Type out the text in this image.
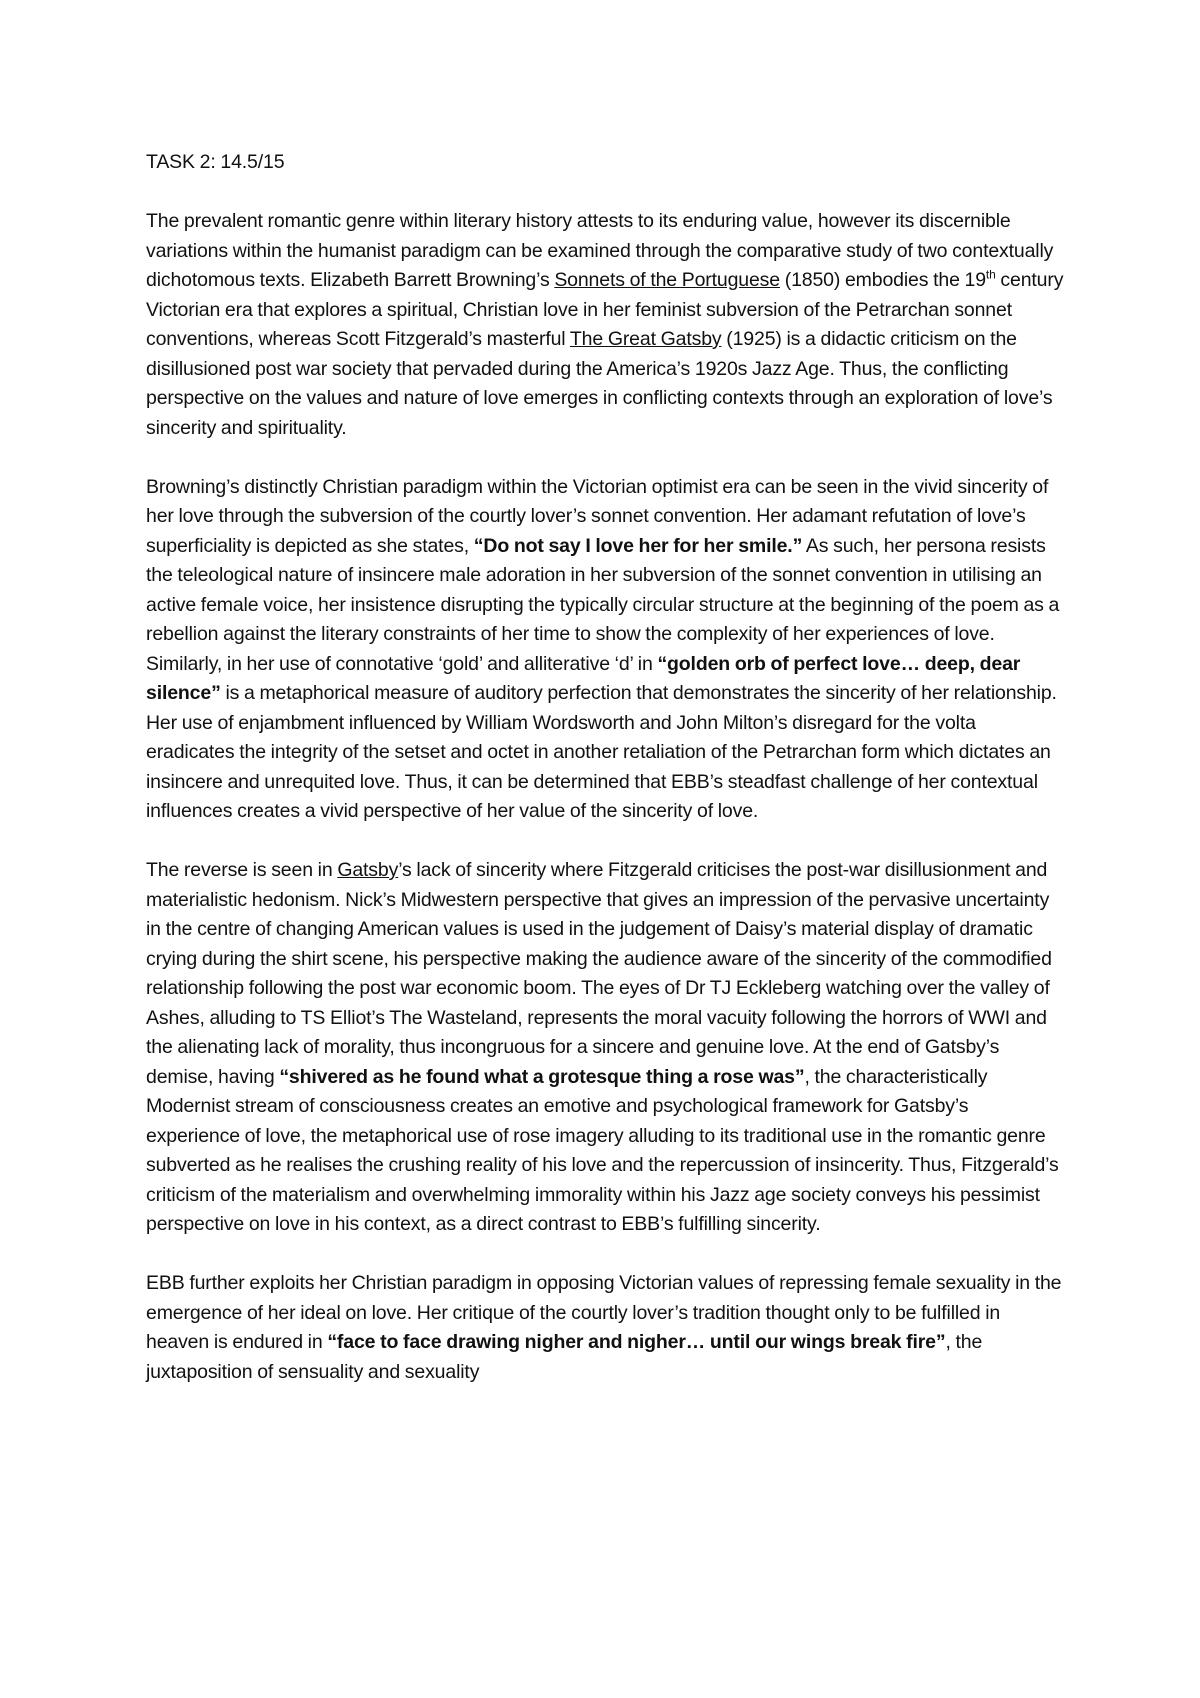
TASK 2: 14.5/15

The prevalent romantic genre within literary history attests to its enduring value, however its discernible variations within the humanist paradigm can be examined through the comparative study of two contextually dichotomous texts. Elizabeth Barrett Browning’s Sonnets of the Portuguese (1850) embodies the 19th century Victorian era that explores a spiritual, Christian love in her feminist subversion of the Petrarchan sonnet conventions, whereas Scott Fitzgerald’s masterful The Great Gatsby (1925) is a didactic criticism on the disillusioned post war society that pervaded during the America’s 1920s Jazz Age. Thus, the conflicting perspective on the values and nature of love emerges in conflicting contexts through an exploration of love’s sincerity and spirituality.

Browning’s distinctly Christian paradigm within the Victorian optimist era can be seen in the vivid sincerity of her love through the subversion of the courtly lover’s sonnet convention. Her adamant refutation of love’s superficiality is depicted as she states, “Do not say I love her for her smile.” As such, her persona resists the teleological nature of insincere male adoration in her subversion of the sonnet convention in utilising an active female voice, her insistence disrupting the typically circular structure at the beginning of the poem as a rebellion against the literary constraints of her time to show the complexity of her experiences of love. Similarly, in her use of connotative ‘gold’ and alliterative ‘d’ in “golden orb of perfect love… deep, dear silence” is a metaphorical measure of auditory perfection that demonstrates the sincerity of her relationship. Her use of enjambment influenced by William Wordsworth and John Milton’s disregard for the volta eradicates the integrity of the setset and octet in another retaliation of the Petrarchan form which dictates an insincere and unrequited love. Thus, it can be determined that EBB’s steadfast challenge of her contextual influences creates a vivid perspective of her value of the sincerity of love.

The reverse is seen in Gatsby’s lack of sincerity where Fitzgerald criticises the post-war disillusionment and materialistic hedonism. Nick’s Midwestern perspective that gives an impression of the pervasive uncertainty in the centre of changing American values is used in the judgement of Daisy’s material display of dramatic crying during the shirt scene, his perspective making the audience aware of the sincerity of the commodified relationship following the post war economic boom. The eyes of Dr TJ Eckleberg watching over the valley of Ashes, alluding to TS Elliot’s The Wasteland, represents the moral vacuity following the horrors of WWI and the alienating lack of morality, thus incongruous for a sincere and genuine love. At the end of Gatsby’s demise, having “shivered as he found what a grotesque thing a rose was”, the characteristically Modernist stream of consciousness creates an emotive and psychological framework for Gatsby’s experience of love, the metaphorical use of rose imagery alluding to its traditional use in the romantic genre subverted as he realises the crushing reality of his love and the repercussion of insincerity. Thus, Fitzgerald’s criticism of the materialism and overwhelming immorality within his Jazz age society conveys his pessimist perspective on love in his context, as a direct contrast to EBB’s fulfilling sincerity.

EBB further exploits her Christian paradigm in opposing Victorian values of repressing female sexuality in the emergence of her ideal on love. Her critique of the courtly lover’s tradition thought only to be fulfilled in heaven is endured in “face to face drawing nigher and nigher… until our wings break fire”, the juxtaposition of sensuality and sexuality
